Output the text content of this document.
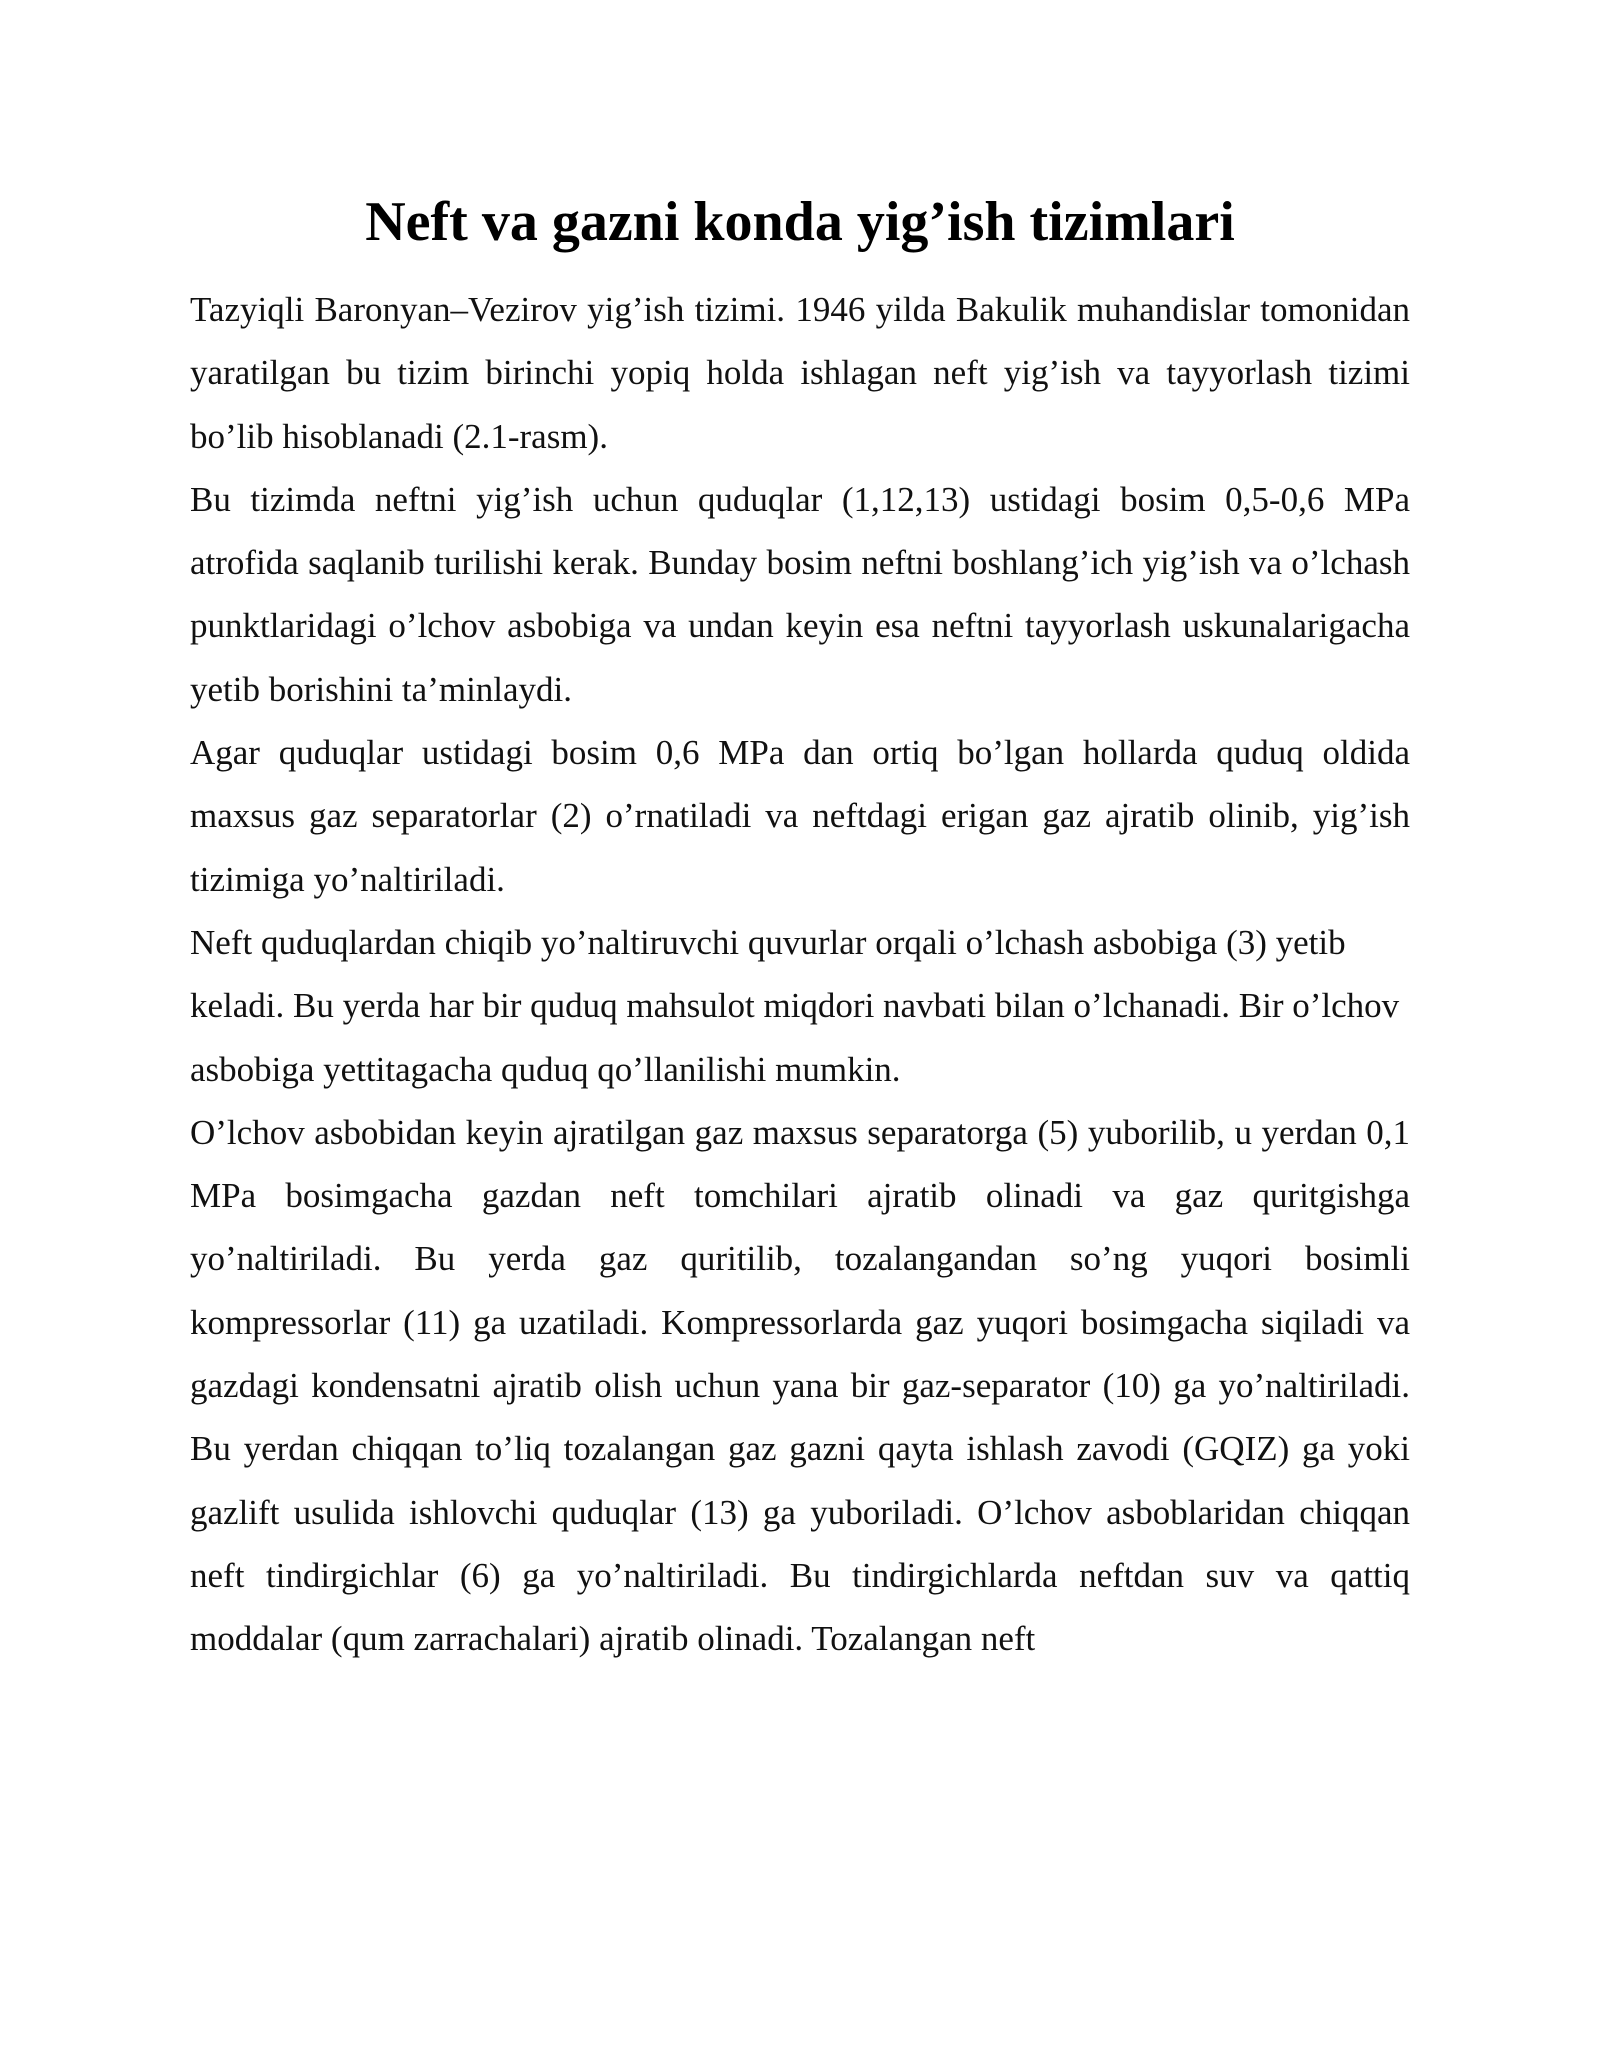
Neft va gazni konda yig’ish tizimlari

Tazyiqli Baronyan–Vezirov yig’ish tizimi. 1946 yilda Bakulik muhandislar tomonidan yaratilgan bu tizim birinchi yopiq holda ishlagan neft yig’ish va tayyorlash tizimi bo’lib hisoblanadi (2.1-rasm).

Bu tizimda neftni yig’ish uchun quduqlar (1,12,13) ustidagi bosim 0,5-0,6 MPa atrofida saqlanib turilishi kerak. Bunday bosim neftni boshlang’ich yig’ish va o’lchash punktlaridagi o’lchov asbobiga va undan keyin esa neftni tayyorlash uskunalarigacha yetib borishini ta’minlaydi.

Agar quduqlar ustidagi bosim 0,6 MPa dan ortiq bo’lgan hollarda quduq oldida maxsus gaz separatorlar (2) o’rnatiladi va neftdagi erigan gaz ajratib olinib, yig’ish tizimiga yo’naltiriladi.

Neft quduqlardan chiqib yo’naltiruvchi quvurlar orqali o’lchash asbobiga (3) yetib keladi. Bu yerda har bir quduq mahsulot miqdori navbati bilan o’lchanadi. Bir o’lchov asbobiga yettitagacha quduq qo’llanilishi mumkin.

O’lchov asbobidan keyin ajratilgan gaz maxsus separatorga (5) yuborilib, u yerdan 0,1 MPa bosimgacha gazdan neft tomchilari ajratib olinadi va gaz quritgishga yo’naltiriladi. Bu yerda gaz quritilib, tozalangandan so’ng yuqori bosimli kompressorlar (11) ga uzatiladi. Kompressorlarda gaz yuqori bosimgacha siqiladi va gazdagi kondensatni ajratib olish uchun yana bir gaz-separator (10) ga yo’naltiriladi. Bu yerdan chiqqan to’liq tozalangan gaz gazni qayta ishlash zavodi (GQIZ) ga yoki gazlift usulida ishlovchi quduqlar (13) ga yuboriladi. O’lchov asboblaridan chiqqan neft tindirgichlar (6) ga yo’naltiriladi. Bu tindirgichlarda neftdan suv va qattiq moddalar (qum zarrachalari) ajratib olinadi. Tozalangan neft
